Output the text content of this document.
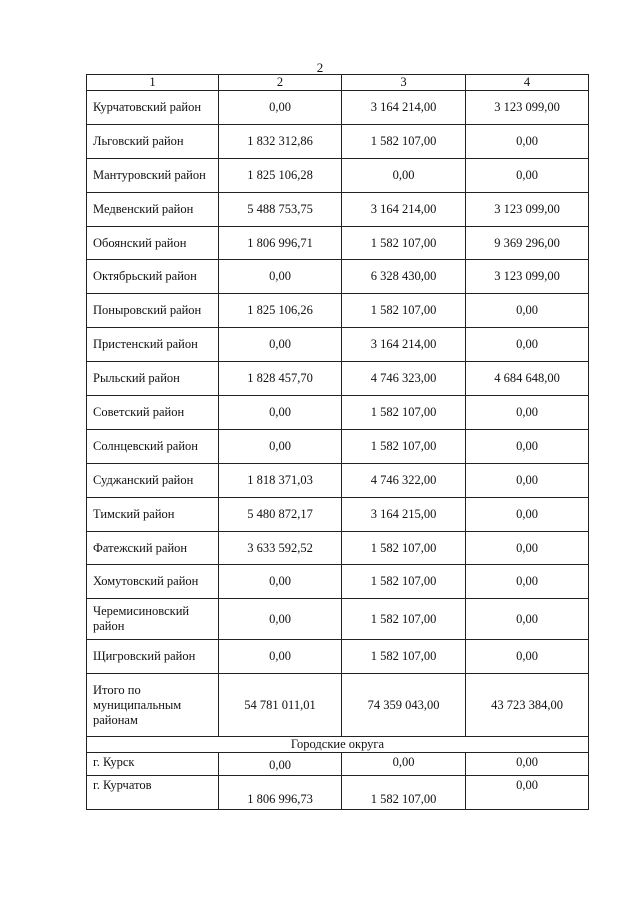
2
1	2	3	4
Курчатовский район	0,00	3 164 214,00	3 123 099,00
Льговский район	1 832 312,86	1 582 107,00	0,00
Мантуровский район	1 825 106,28	0,00	0,00
Медвенский район	5 488 753,75	3 164 214,00	3 123 099,00
Обоянский район	1 806 996,71	1 582 107,00	9 369 296,00
Октябрьский район	0,00	6 328 430,00	3 123 099,00
Поныровский район	1 825 106,26	1 582 107,00	0,00
Пристенский район	0,00	3 164 214,00	0,00
Рыльский район	1 828 457,70	4 746 323,00	4 684 648,00
Советский район	0,00	1 582 107,00	0,00
Солнцевский район	0,00	1 582 107,00	0,00
Суджанский район	1 818 371,03	4 746 322,00	0,00
Тимский район	5 480 872,17	3 164 215,00	0,00
Фатежский район	3 633 592,52	1 582 107,00	0,00
Хомутовский район	0,00	1 582 107,00	0,00
Черемисиновский район	0,00	1 582 107,00	0,00
Щигровский район	0,00	1 582 107,00	0,00
Итого по муниципальным районам	54 781 011,01	74 359 043,00	43 723 384,00
Городские округа			
г. Курск	0,00	0,00	0,00
г. Курчатов	1 806 996,73	1 582 107,00	0,00
